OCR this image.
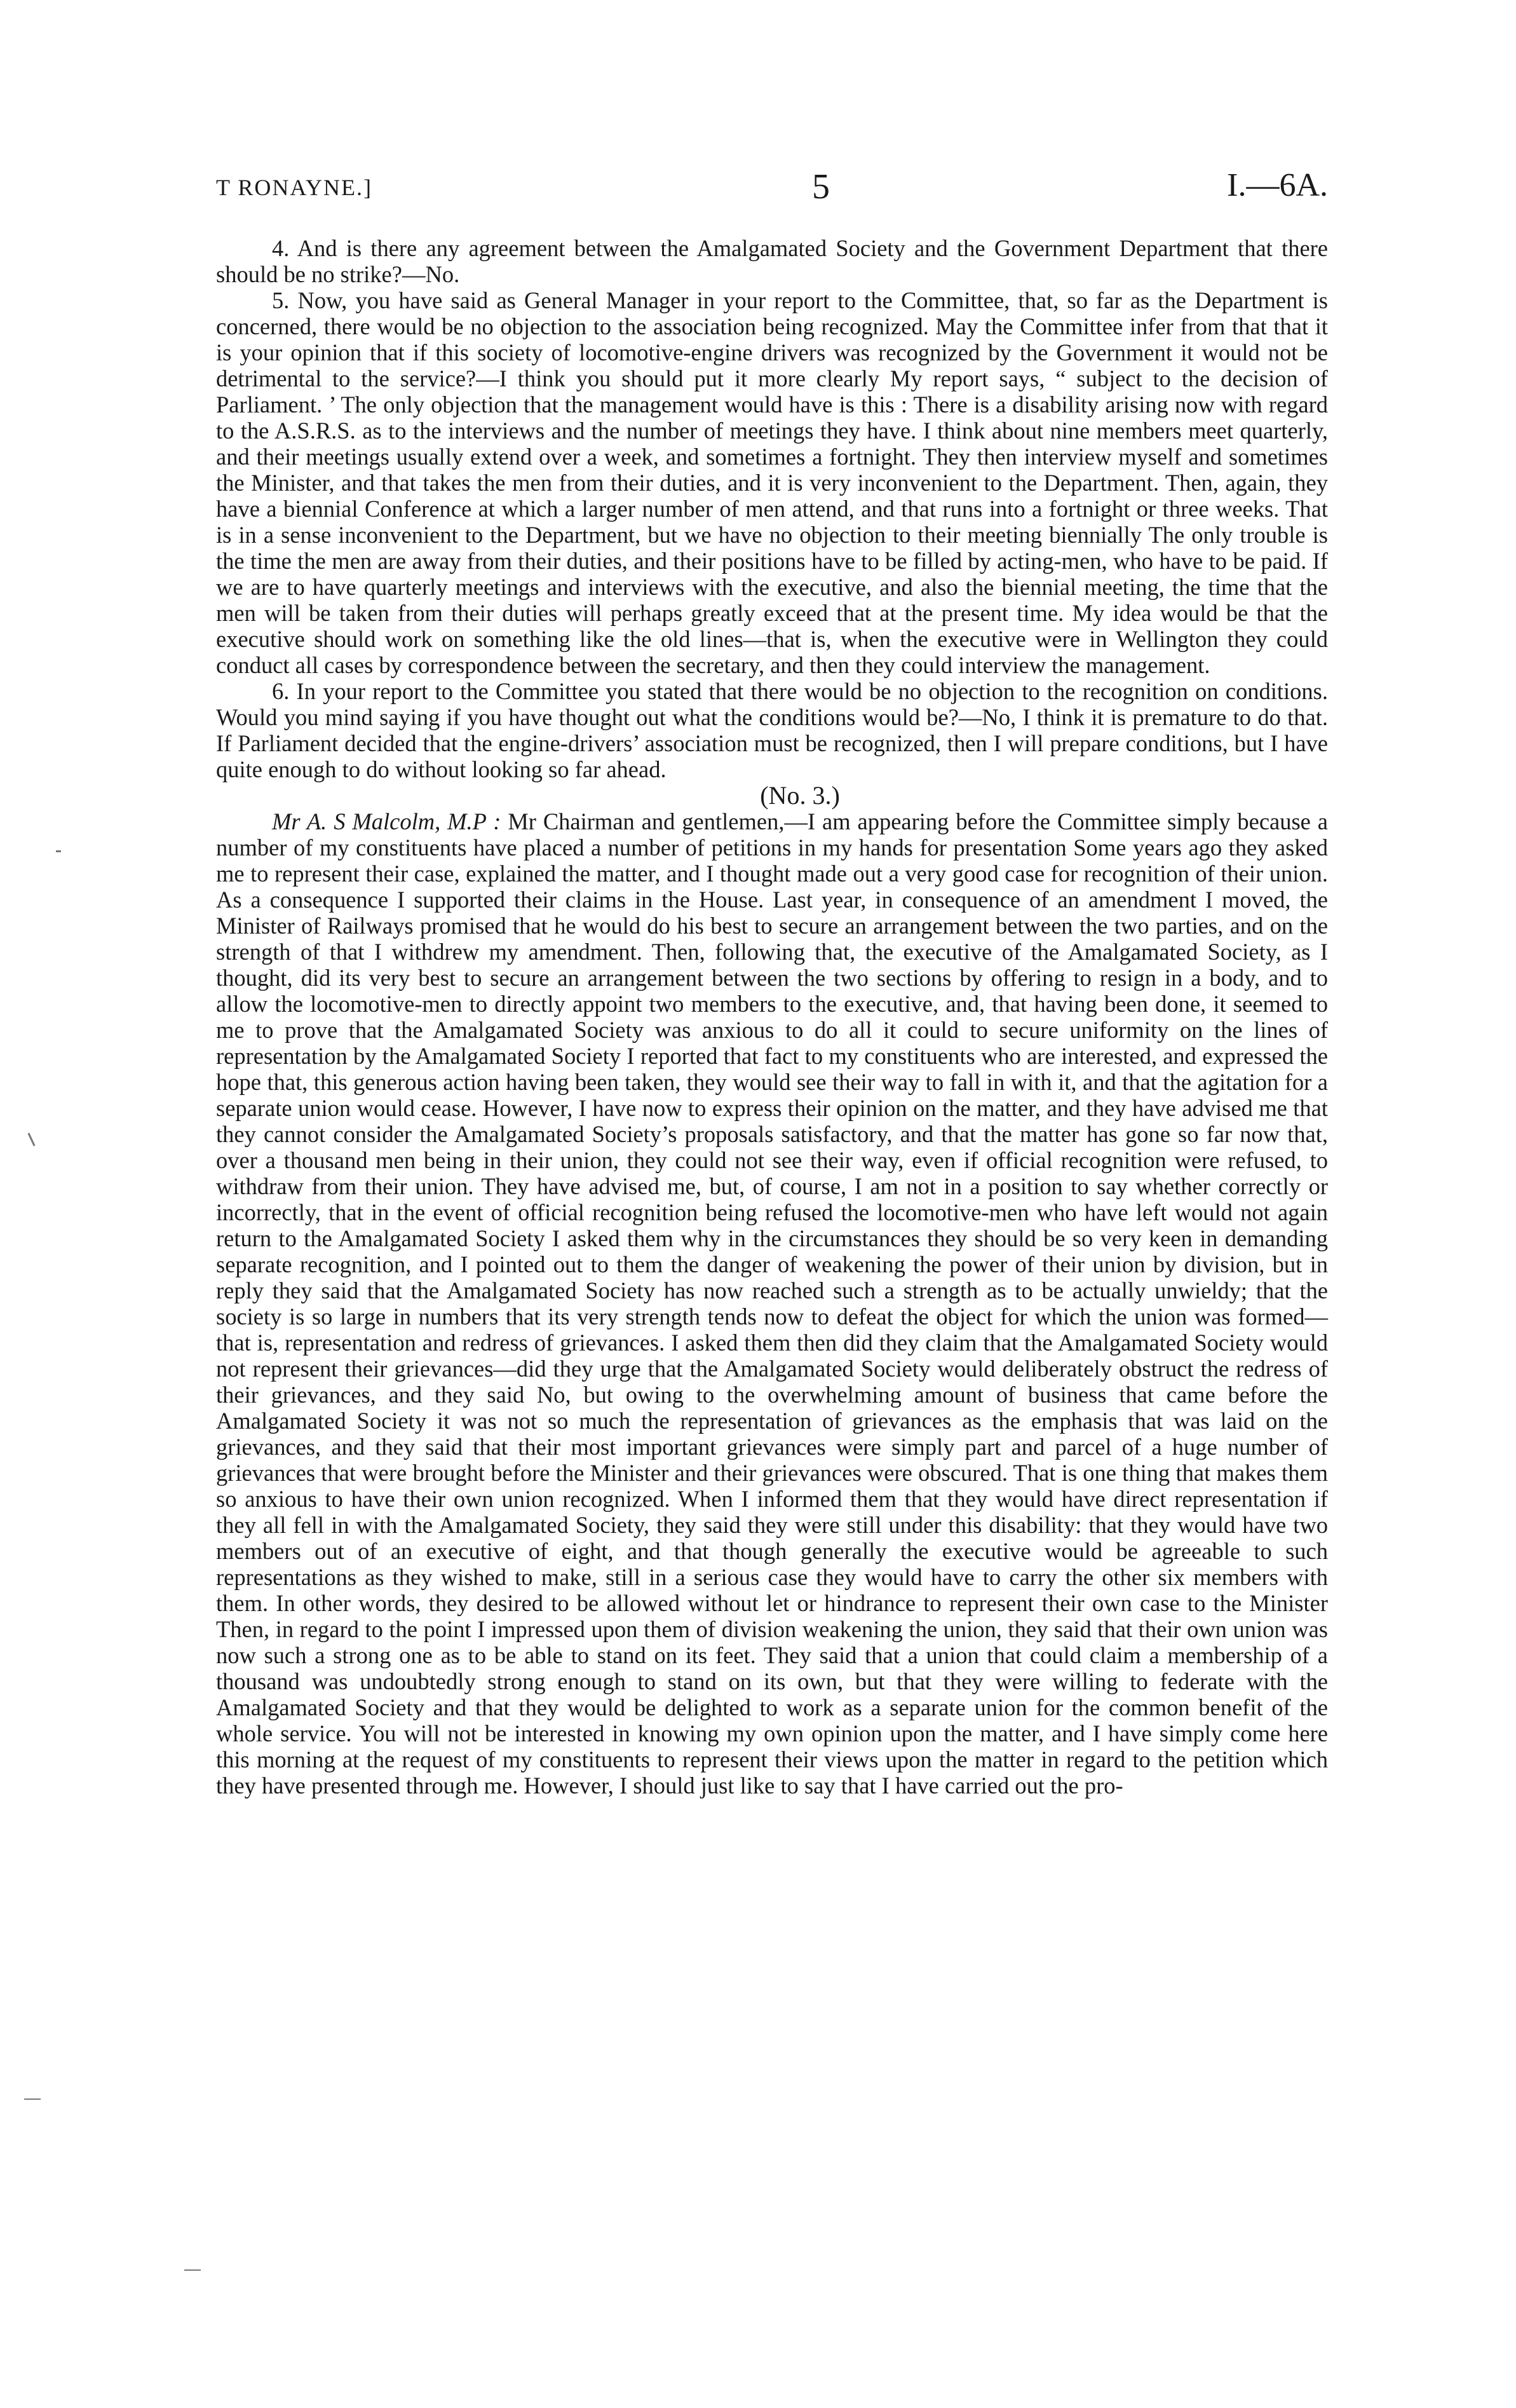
T RONAYNE.]	5	I.—6A.

4. And is there any agreement between the Amalgamated Society and the Government Department that there should be no strike?—No.

5. Now, you have said as General Manager in your report to the Committee, that, so far as the Department is concerned, there would be no objection to the association being recognized. May the Committee infer from that that it is your opinion that if this society of locomotive-engine drivers was recognized by the Government it would not be detrimental to the service?—I think you should put it more clearly My report says, “ subject to the decision of Parliament. ’ The only objection that the management would have is this : There is a disability arising now with regard to the A.S.R.S. as to the interviews and the number of meetings they have. I think about nine members meet quarterly, and their meetings usually extend over a week, and sometimes a fortnight. They then interview myself and sometimes the Minister, and that takes the men from their duties, and it is very inconvenient to the Department. Then, again, they have a biennial Conference at which a larger number of men attend, and that runs into a fortnight or three weeks. That is in a sense inconvenient to the Department, but we have no objection to their meeting biennially The only trouble is the time the men are away from their duties, and their positions have to be filled by acting-men, who have to be paid. If we are to have quarterly meetings and interviews with the executive, and also the biennial meeting, the time that the men will be taken from their duties will perhaps greatly exceed that at the present time. My idea would be that the executive should work on something like the old lines—that is, when the executive were in Wellington they could conduct all cases by correspondence between the secretary, and then they could interview the management.

6. In your report to the Committee you stated that there would be no objection to the recognition on conditions. Would you mind saying if you have thought out what the conditions would be?—No, I think it is premature to do that. If Parliament decided that the engine-drivers’ association must be recognized, then I will prepare conditions, but I have quite enough to do without looking so far ahead.

(No. 3.)

Mr A. S Malcolm, M.P : Mr Chairman and gentlemen,—I am appearing before the Committee simply because a number of my constituents have placed a number of petitions in my hands for presentation Some years ago they asked me to represent their case, explained the matter, and I thought made out a very good case for recognition of their union. As a consequence I supported their claims in the House. Last year, in consequence of an amendment I moved, the Minister of Railways promised that he would do his best to secure an arrangement between the two parties, and on the strength of that I withdrew my amendment. Then, following that, the executive of the Amalgamated Society, as I thought, did its very best to secure an arrangement between the two sections by offering to resign in a body, and to allow the locomotive-men to directly appoint two members to the executive, and, that having been done, it seemed to me to prove that the Amalgamated Society was anxious to do all it could to secure uniformity on the lines of representation by the Amalgamated Society I reported that fact to my constituents who are interested, and expressed the hope that, this generous action having been taken, they would see their way to fall in with it, and that the agitation for a separate union would cease. However, I have now to express their opinion on the matter, and they have advised me that they cannot consider the Amalgamated Society’s proposals satisfactory, and that the matter has gone so far now that, over a thousand men being in their union, they could not see their way, even if official recognition were refused, to withdraw from their union. They have advised me, but, of course, I am not in a position to say whether correctly or incorrectly, that in the event of official recognition being refused the locomotive-men who have left would not again return to the Amalgamated Society I asked them why in the circumstances they should be so very keen in demanding separate recognition, and I pointed out to them the danger of weakening the power of their union by division, but in reply they said that the Amalgamated Society has now reached such a strength as to be actually unwieldy; that the society is so large in numbers that its very strength tends now to defeat the object for which the union was formed—that is, representation and redress of grievances. I asked them then did they claim that the Amalgamated Society would not represent their grievances—did they urge that the Amalgamated Society would deliberately obstruct the redress of their grievances, and they said No, but owing to the overwhelming amount of business that came before the Amalgamated Society it was not so much the representation of grievances as the emphasis that was laid on the grievances, and they said that their most important grievances were simply part and parcel of a huge number of grievances that were brought before the Minister and their grievances were obscured. That is one thing that makes them so anxious to have their own union recognized. When I informed them that they would have direct representation if they all fell in with the Amalgamated Society, they said they were still under this disability: that they would have two members out of an executive of eight, and that though generally the executive would be agreeable to such representations as they wished to make, still in a serious case they would have to carry the other six members with them. In other words, they desired to be allowed without let or hindrance to represent their own case to the Minister Then, in regard to the point I impressed upon them of division weakening the union, they said that their own union was now such a strong one as to be able to stand on its feet. They said that a union that could claim a membership of a thousand was undoubtedly strong enough to stand on its own, but that they were willing to federate with the Amalgamated Society and that they would be delighted to work as a separate union for the common benefit of the whole service. You will not be interested in knowing my own opinion upon the matter, and I have simply come here this morning at the request of my constituents to represent their views upon the matter in regard to the petition which they have presented through me. However, I should just like to say that I have carried out the pro-
